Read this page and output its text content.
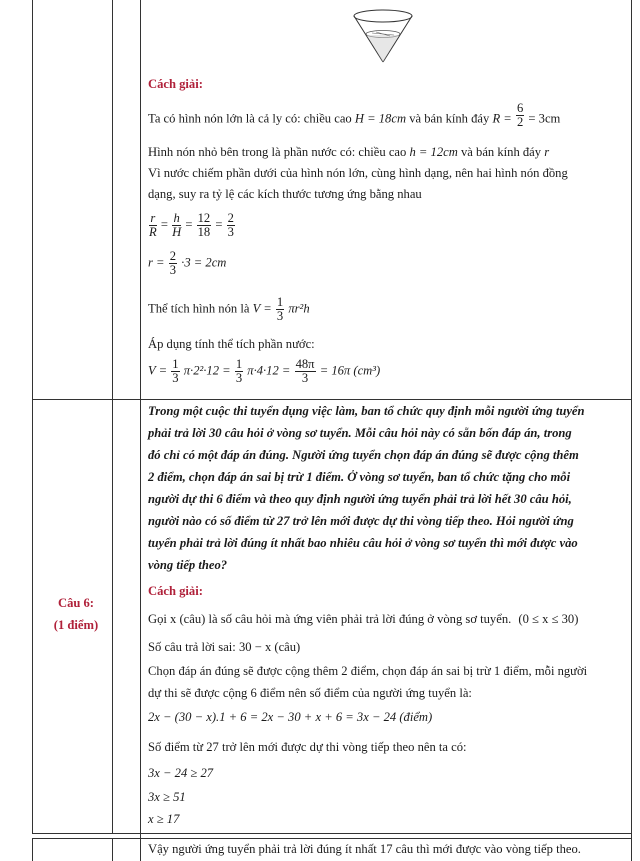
Cách giải:
Ta có hình nón lớn là cả ly có: chiều cao H = 18cm và bán kính đáy $R = \frac{6}{2} = 3cm$
Hình nón nhỏ bên trong là phần nước có: chiều cao h = 12cm và bán kính đáy r
Vì nước chiếm phần dưới của hình nón lớn, cùng hình dạng, nên hai hình nón đồng
dạng, suy ra tỷ lệ các kích thước tương ứng bằng nhau
$\frac{r}{R} = \frac{h}{H} = \frac{12}{18} = \frac{2}{3}$
$r = \frac{2}{3} \cdot 3 = 2cm$
Thể tích hình nón là $V = \frac{1}{3} \pi r^2h$
Áp dụng tính thể tích phần nước:
$V = \frac{1}{3} \pi\cdot 2^2\cdot 12 = \frac{1}{3} \pi\cdot 4\cdot 12 = \frac{48\pi}{3} = 16\pi$ (cm³)
Câu 6:
(1 điểm)
Trong một cuộc thi tuyển dụng việc làm, ban tổ chức quy định mỗi người ứng tuyển
phải trả lời 30 câu hỏi ở vòng sơ tuyển. Mỗi câu hỏi này có sẵn bốn đáp án, trong
đó chỉ có một đáp án đúng. Người ứng tuyển chọn đáp án đúng sẽ được cộng thêm
2 điểm, chọn đáp án sai bị trừ 1 điểm. Ở vòng sơ tuyển, ban tổ chức tặng cho mỗi
người dự thi 6 điểm và theo quy định người ứng tuyển phải trả lời hết 30 câu hỏi,
người nào có số điểm từ 27 trở lên mới được dự thi vòng tiếp theo. Hỏi người ứng
tuyển phải trả lời đúng ít nhất bao nhiêu câu hỏi ở vòng sơ tuyển thì mới được vào
vòng tiếp theo?
Cách giải:
Gọi x (câu) là số câu hỏi mà ứng viên phải trả lời đúng ở vòng sơ tuyển. (0 ≤ x ≤ 30)
Số câu trả lời sai: 30 − x (câu)
Chọn đáp án đúng sẽ được cộng thêm 2 điểm, chọn đáp án sai bị trừ 1 điểm, mỗi người
dự thi sẽ được cộng 6 điểm nên số điểm của người ứng tuyển là:
2x − (30 − x).1 + 6 = 2x − 30 + x + 6 = 3x − 24 (điểm)
Số điểm từ 27 trở lên mới được dự thi vòng tiếp theo nên ta có:
3x − 24 ≥ 27
3x ≥ 51
x ≥ 17
Vậy người ứng tuyển phải trả lời đúng ít nhất 17 câu thì mới được vào vòng tiếp theo.
